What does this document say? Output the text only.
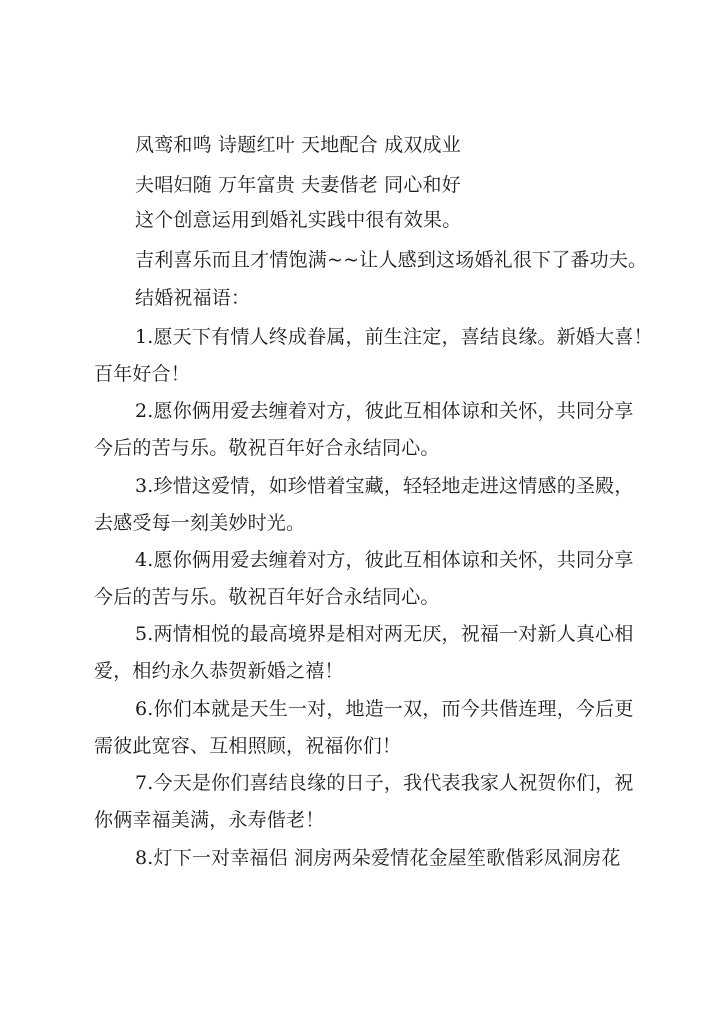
凤鸾和鸣 诗题红叶 天地配合 成双成业
夫唱妇随 万年富贵 夫妻偕老 同心和好
这个创意运用到婚礼实践中很有效果。
吉利喜乐而且才情饱满~~让人感到这场婚礼很下了番功夫。
结婚祝福语：
1.愿天下有情人终成眷属，前生注定，喜结良缘。新婚大喜！
百年好合！
2.愿你俩用爱去缠着对方，彼此互相体谅和关怀，共同分享
今后的苦与乐。敬祝百年好合永结同心。
3.珍惜这爱情，如珍惜着宝藏，轻轻地走进这情感的圣殿，
去感受每一刻美妙时光。
4.愿你俩用爱去缠着对方，彼此互相体谅和关怀，共同分享
今后的苦与乐。敬祝百年好合永结同心。
5.两情相悦的最高境界是相对两无厌，祝福一对新人真心相
爱，相约永久恭贺新婚之禧！
6.你们本就是天生一对，地造一双，而今共偕连理，今后更
需彼此宽容、互相照顾，祝福你们！
7.今天是你们喜结良缘的日子，我代表我家人祝贺你们，祝
你俩幸福美满，永寿偕老！
8.灯下一对幸福侣 洞房两朵爱情花金屋笙歌偕彩凤洞房花
